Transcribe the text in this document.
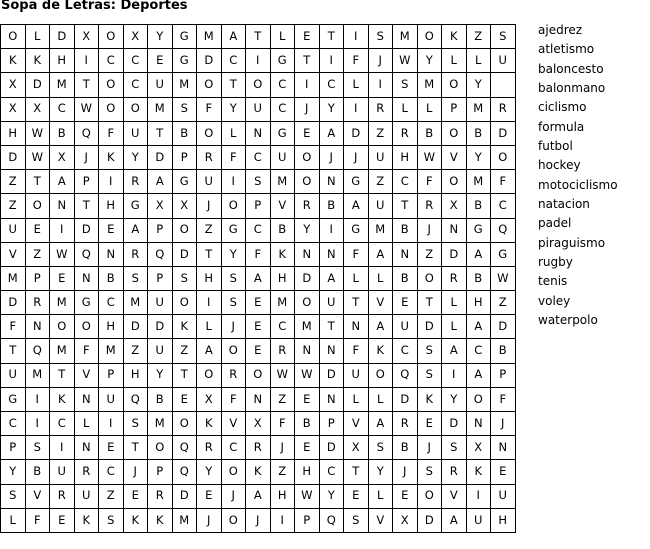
Sopa de Letras: Deportes
O	L	D	X	O	X	Y	G	M	A	T	L	E	T	I	S	M	O	K	Z	S
K	K	H	I	C	C	E	G	D	C	I	G	T	I	F	J	W	Y	L	L	U
X	D	M	T	O	C	U	M	O	T	O	C	I	C	L	I	S	M	O	Y	
X	X	C	W	O	O	M	S	F	Y	U	C	J	Y	I	R	L	L	P	M	R
H	W	B	Q	F	U	T	B	O	L	N	G	E	A	D	Z	R	B	O	B	D
D	W	X	J	K	Y	D	P	R	F	C	U	O	J	J	U	H	W	V	Y	O
Z	T	A	P	I	R	A	G	U	I	S	M	O	N	G	Z	C	F	O	M	F
Z	O	N	T	H	G	X	X	J	O	P	V	R	B	A	U	T	R	X	B	C
U	E	I	D	E	A	P	O	Z	G	C	B	Y	I	G	M	B	J	N	G	Q
V	Z	W	Q	N	R	Q	D	T	Y	F	K	N	N	F	A	N	Z	D	A	G
M	P	E	N	B	S	P	S	H	S	A	H	D	A	L	L	B	O	R	B	W
D	R	M	G	C	M	U	O	I	S	E	M	O	U	T	V	E	T	L	H	Z
F	N	O	O	H	D	D	K	L	J	E	C	M	T	N	A	U	D	L	A	D
T	Q	M	F	M	Z	U	Z	A	O	E	R	N	N	F	K	C	S	A	C	B
U	M	T	V	P	H	Y	T	O	R	O	W	W	D	U	O	Q	S	I	A	P
G	I	K	N	U	Q	B	E	X	F	N	Z	E	N	L	L	D	K	Y	O	F
C	I	C	L	I	S	M	O	K	V	X	F	B	P	V	A	R	E	D	N	J
P	S	I	N	E	T	O	Q	R	C	R	J	E	D	X	S	B	J	S	X	N
Y	B	U	R	C	J	P	Q	Y	O	K	Z	H	C	T	Y	J	S	R	K	E
S	V	R	U	Z	E	R	D	E	J	A	H	W	Y	E	L	E	O	V	I	U
L	F	E	K	S	K	K	M	J	O	J	I	P	Q	S	V	X	D	A	U	H
ajedrez
atletismo
baloncesto
balonmano
ciclismo
formula
futbol
hockey
motociclismo
natacion
padel
piraguismo
rugby
tenis
voley
waterpolo
